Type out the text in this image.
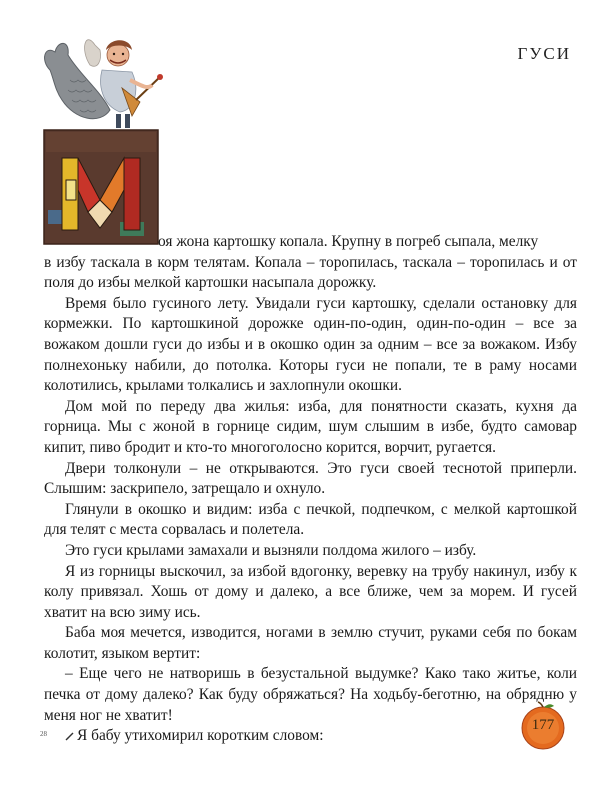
ГУСИ

оя жона картошку копала. Крупну в погреб сыпала, мелку

в избу таскала в корм телятам. Копала – торопилась, таскала – торопилась и от поля до избы мелкой картошки насыпала дорожку.

Время было гусиного лету. Увидали гуси картошку, сделали остановку для кормежки. По картошкиной дорожке один-по-один, один-по-один – все за вожаком дошли гуси до избы и в окошко один за одним – все за вожаком. Избу полнехоньку набили, до потолка. Которы гуси не попали, те в раму носами колотились, крылами толкались и захлопнули окошки.

Дом мой по переду два жилья: изба, для понятности сказать, кухня да горница. Мы с жоной в горнице сидим, шум слышим в избе, будто самовар кипит, пиво бродит и кто-то многоголосно корится, ворчит, ругается.

Двери толконули – не открываются. Это гуси своей теснотой приперли. Слышим: заскрипело, затрещало и охнуло.

Глянули в окошко и видим: изба с печкой, подпечком, с мелкой картошкой для телят с места сорвалась и полетела.

Это гуси крылами замахали и вызняли полдома жилого – избу.

Я из горницы выскочил, за избой вдогонку, веревку на трубу накинул, избу к колу привязал. Хошь от дому и далеко, а все ближе, чем за морем. И гусей хватит на всю зиму ись.

Баба моя мечется, изводится, ногами в землю стучит, руками себя по бокам колотит, языком вертит:

– Еще чего не натворишь в безустальной выдумке? Како тако житье, коли печка от дому далеко? Как буду обряжаться? На ходьбу-беготню, на обрядню у меня ног не хватит!

Я бабу утихомирил коротким словом:

28
177
